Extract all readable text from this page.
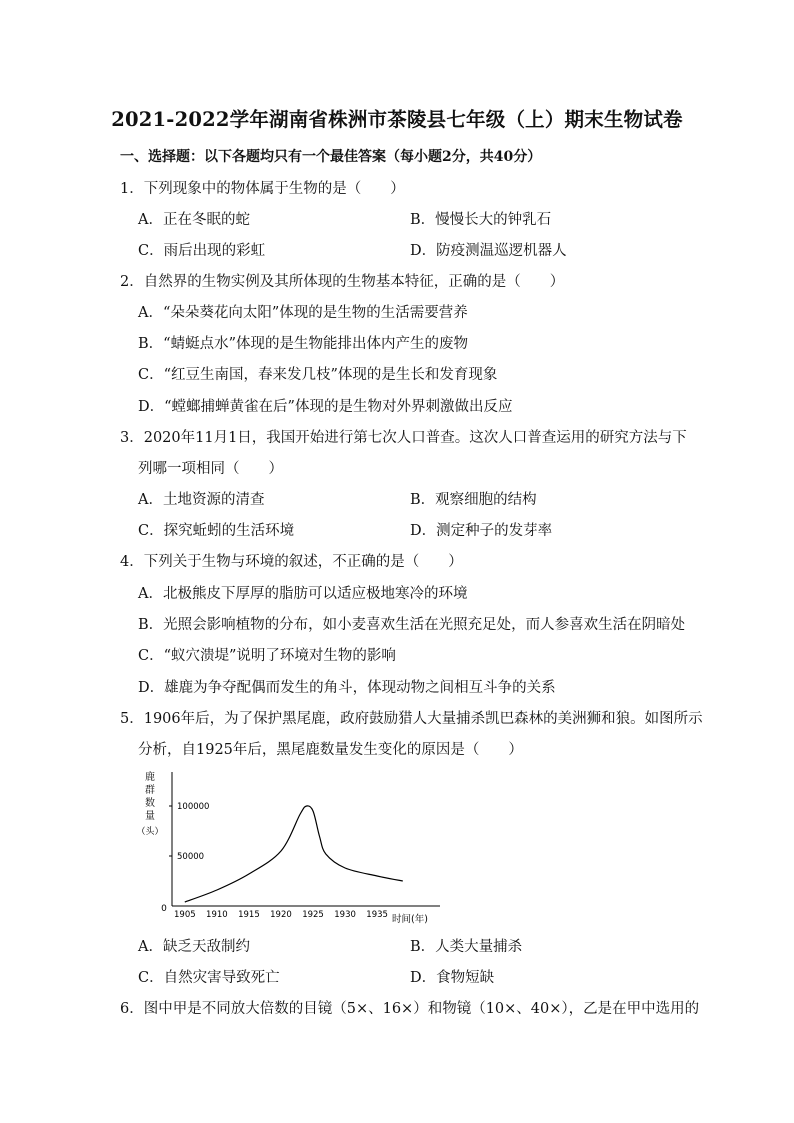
2021-2022学年湖南省株洲市茶陵县七年级（上）期末生物试卷
一、选择题：以下各题均只有一个最佳答案（每小题2分，共40分）
1．下列现象中的物体属于生物的是（　　）
A．正在冬眠的蛇	B．慢慢长大的钟乳石
C．雨后出现的彩虹	D．防疫测温巡逻机器人
2．自然界的生物实例及其所体现的生物基本特征，正确的是（　　）
A．“朵朵葵花向太阳”体现的是生物的生活需要营养
B．“蜻蜓点水”体现的是生物能排出体内产生的废物
C．“红豆生南国，春来发几枝”体现的是生长和发育现象
D．“螳螂捕蝉黄雀在后”体现的是生物对外界刺激做出反应
3．2020年11月1日，我国开始进行第七次人口普查。这次人口普查运用的研究方法与下
列哪一项相同（　　）
A．土地资源的清查	B．观察细胞的结构
C．探究蚯蚓的生活环境	D．测定种子的发芽率
4．下列关于生物与环境的叙述，不正确的是（　　）
A．北极熊皮下厚厚的脂肪可以适应极地寒冷的环境
B．光照会影响植物的分布，如小麦喜欢生活在光照充足处，而人参喜欢生活在阴暗处
C．“蚁穴溃堤”说明了环境对生物的影响
D．雄鹿为争夺配偶而发生的角斗，体现动物之间相互斗争的关系
5．1906年后，为了保护黑尾鹿，政府鼓励猎人大量捕杀凯巴森林的美洲狮和狼。如图所示
分析，自1925年后，黑尾鹿数量发生变化的原因是（　　）
0
鹿
群
数
量
（头）
50000
100000
1905 1910 1915 1920 1925 1930 1935 时间(年)
A．缺乏天敌制约	B．人类大量捕杀
C．自然灾害导致死亡	D．食物短缺
6．图中甲是不同放大倍数的目镜（5×、16×）和物镜（10×、40×），乙是在甲中选用的
